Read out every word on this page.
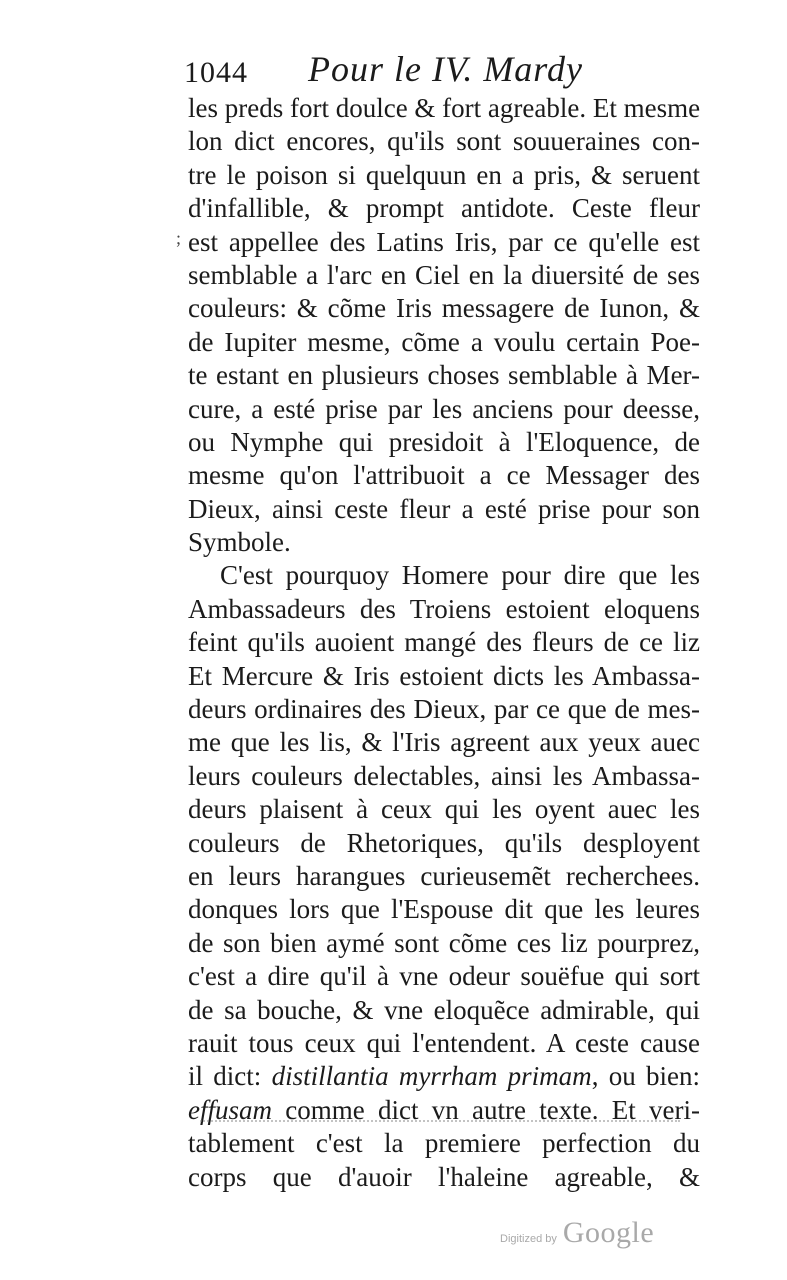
1044 Pour le IV. Mardy
;
les preds fort doulce & fort agreable. Et mesme
lon dict encores, qu'ils sont souueraines con-
tre le poison si quelquun en a pris, & seruent
d'infallible, & prompt antidote. Ceste fleur
est appellee des Latins Iris, par ce qu'elle est
semblable a l'arc en Ciel en la diuersité de ses
couleurs: & cõme Iris messagere de Iunon, &
de Iupiter mesme, cõme a voulu certain Poe-
te estant en plusieurs choses semblable à Mer-
cure, a esté prise par les anciens pour deesse,
ou Nymphe qui presidoit à l'Eloquence, de
mesme qu'on l'attribuoit a ce Messager des
Dieux, ainsi ceste fleur a esté prise pour son
Symbole.
C'est pourquoy Homere pour dire que les
Ambassadeurs des Troiens estoient eloquens
feint qu'ils auoient mangé des fleurs de ce liz
Et Mercure & Iris estoient dicts les Ambassa-
deurs ordinaires des Dieux, par ce que de mes-
me que les lis, & l'Iris agreent aux yeux auec
leurs couleurs delectables, ainsi les Ambassa-
deurs plaisent à ceux qui les oyent auec les
couleurs de Rhetoriques, qu'ils desployent
en leurs harangues curieusemẽt recherchees.
donques lors que l'Espouse dit que les leures
de son bien aymé sont cõme ces liz pourprez,
c'est a dire qu'il à vne odeur souëfue qui sort
de sa bouche, & vne eloquẽce admirable, qui
rauit tous ceux qui l'entendent. A ceste cause
il dict: distillantia myrrham primam, ou bien:
effusam comme dict vn autre texte. Et veri-
tablement c'est la premiere perfection du
corps que d'auoir l'haleine agreable, &
Digitized by Google
